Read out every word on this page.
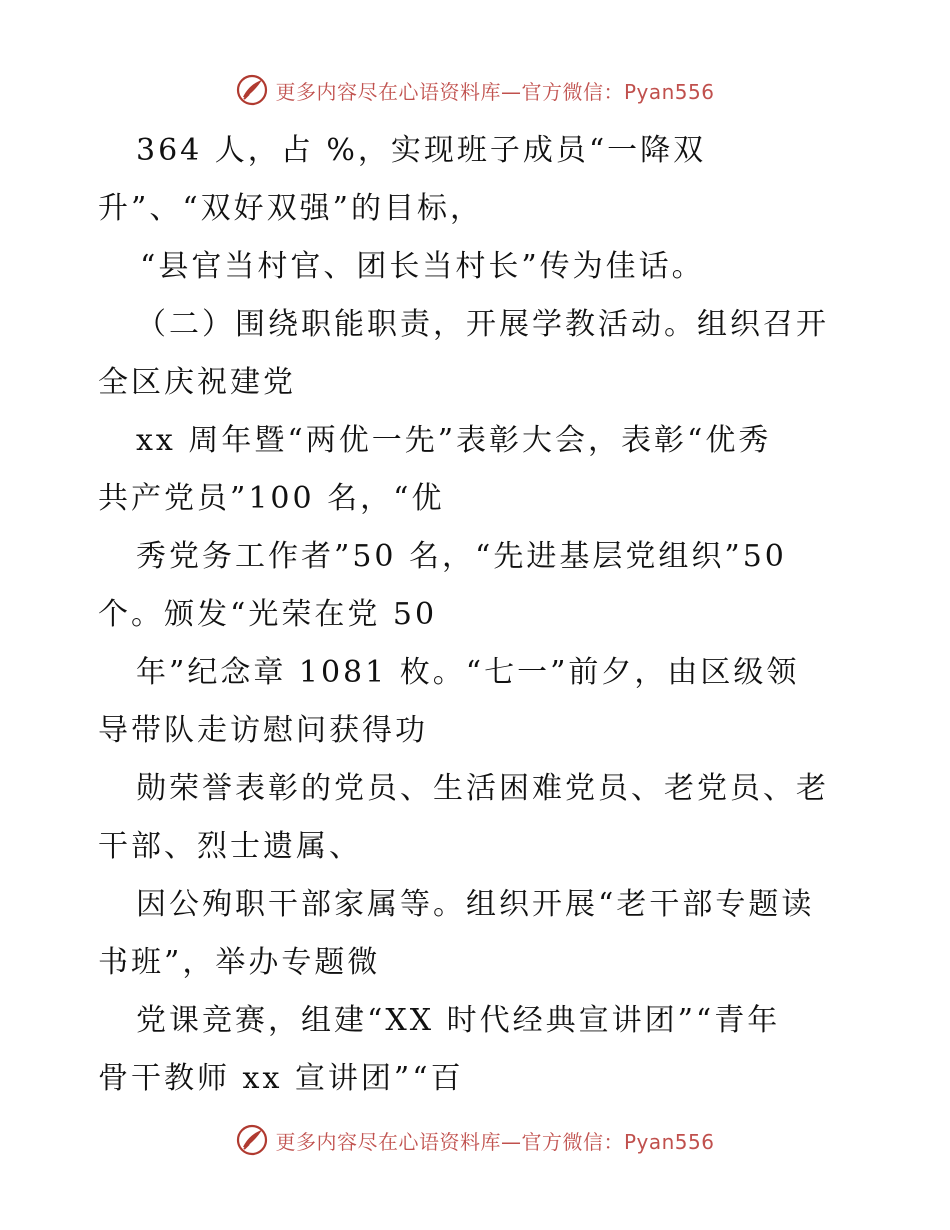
更多内容尽在心语资料库—官方微信：Pyan556
364 人，占 %，实现班子成员“一降双
升”、“双好双强”的目标，
“县官当村官、团长当村长”传为佳话。
（二）围绕职能职责，开展学教活动。组织召开
全区庆祝建党
xx 周年暨“两优一先”表彰大会，表彰“优秀
共产党员”100 名，“优
秀党务工作者”50 名，“先进基层党组织”50
个。颁发“光荣在党 50
年”纪念章 1081 枚。“七一”前夕，由区级领
导带队走访慰问获得功
勋荣誉表彰的党员、生活困难党员、老党员、老
干部、烈士遗属、
因公殉职干部家属等。组织开展“老干部专题读
书班”，举办专题微
党课竞赛，组建“XX 时代经典宣讲团”“青年
骨干教师 xx 宣讲团”“百
更多内容尽在心语资料库—官方微信：Pyan556
